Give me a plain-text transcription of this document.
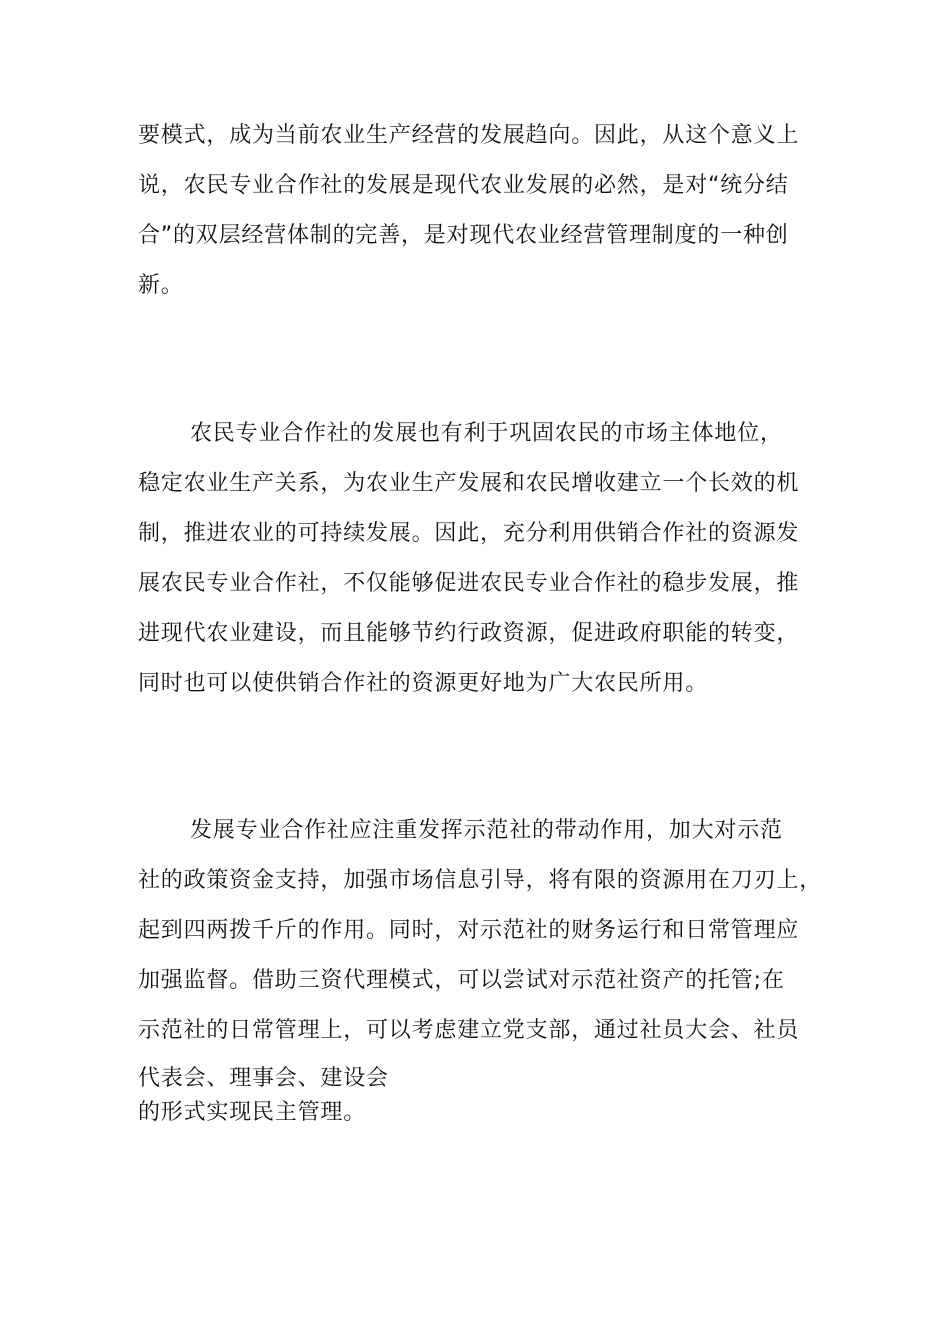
要模式，成为当前农业生产经营的发展趋向。因此，从这个意义上
说，农民专业合作社的发展是现代农业发展的必然，是对“统分结
合”的双层经营体制的完善，是对现代农业经营管理制度的一种创
新。
农民专业合作社的发展也有利于巩固农民的市场主体地位，
稳定农业生产关系，为农业生产发展和农民增收建立一个长效的机
制，推进农业的可持续发展。因此，充分利用供销合作社的资源发
展农民专业合作社，不仅能够促进农民专业合作社的稳步发展，推
进现代农业建设，而且能够节约行政资源，促进政府职能的转变，
同时也可以使供销合作社的资源更好地为广大农民所用。
发展专业合作社应注重发挥示范社的带动作用，加大对示范
社的政策资金支持，加强市场信息引导，将有限的资源用在刀刃上，
起到四两拨千斤的作用。同时，对示范社的财务运行和日常管理应
加强监督。借助三资代理模式，可以尝试对示范社资产的托管;在
示范社的日常管理上，可以考虑建立党支部，通过社员大会、社员
代表会、理事会、建设会
的形式实现民主管理。
